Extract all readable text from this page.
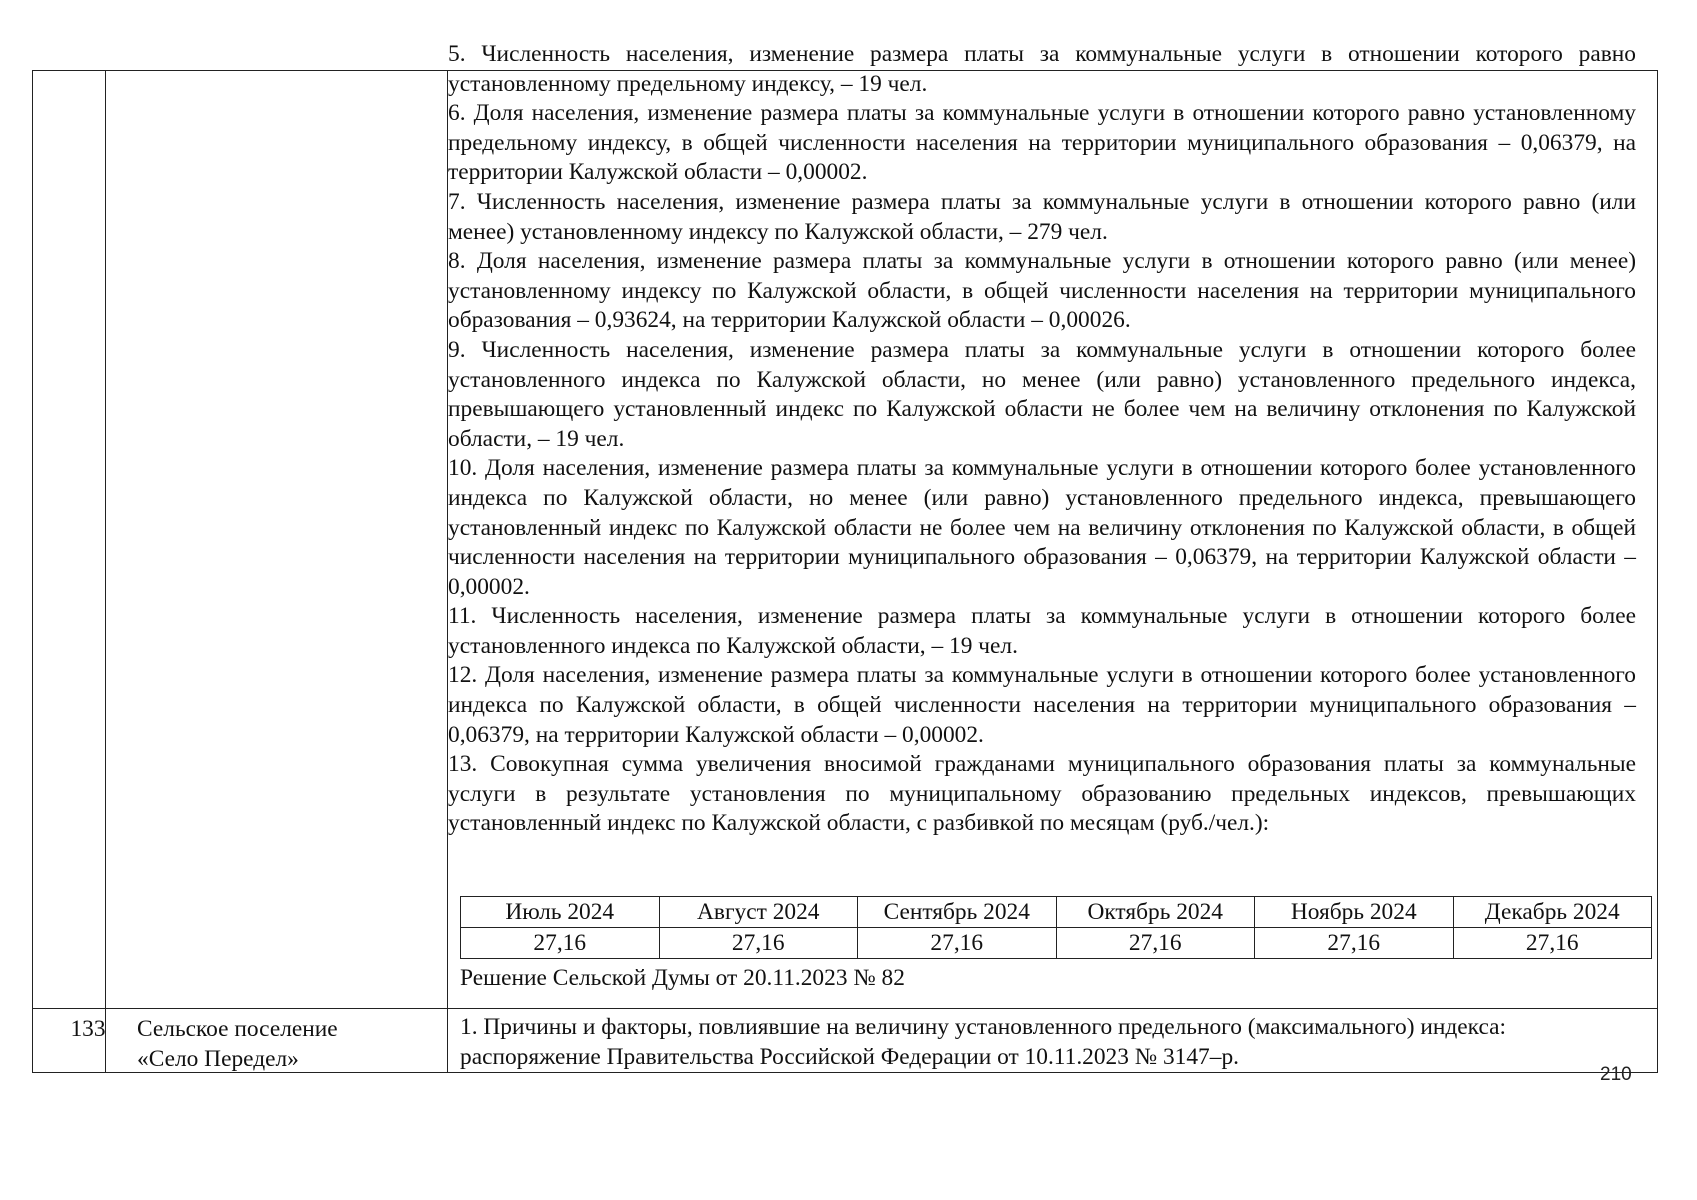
5. Численность населения, изменение размера платы за коммунальные услуги в отношении которого равно установленному предельному индексу, – 19 чел.

6. Доля населения, изменение размера платы за коммунальные услуги в отношении которого равно установленному предельному индексу, в общей численности населения на территории муниципального образования – 0,06379, на территории Калужской области – 0,00002.

7. Численность населения, изменение размера платы за коммунальные услуги в отношении которого равно (или менее) установленному индексу по Калужской области, – 279 чел.

8. Доля населения, изменение размера платы за коммунальные услуги в отношении которого равно (или менее) установленному индексу по Калужской области, в общей численности населения на территории муниципального образования – 0,93624, на территории Калужской области – 0,00026.

9. Численность населения, изменение размера платы за коммунальные услуги в отношении которого более установленного индекса по Калужской области, но менее (или равно) установленного предельного индекса, превышающего установленный индекс по Калужской области не более чем на величину отклонения по Калужской области, – 19 чел.

10. Доля населения, изменение размера платы за коммунальные услуги в отношении которого более установленного индекса по Калужской области, но менее (или равно) установленного предельного индекса, превышающего установленный индекс по Калужской области не более чем на величину отклонения по Калужской области, в общей численности населения на территории муниципального образования – 0,06379, на территории Калужской области – 0,00002.

11. Численность населения, изменение размера платы за коммунальные услуги в отношении которого более установленного индекса по Калужской области, – 19 чел.

12. Доля населения, изменение размера платы за коммунальные услуги в отношении которого более установленного индекса по Калужской области, в общей численности населения на территории муниципального образования – 0,06379, на территории Калужской области – 0,00002.

13. Совокупная сумма увеличения вносимой гражданами муниципального образования платы за коммунальные услуги в результате установления по муниципальному образованию предельных индексов, превышающих установленный индекс по Калужской области, с разбивкой по месяцам (руб./чел.):

Июль 2024	Август 2024	Сентябрь 2024	Октябрь 2024	Ноябрь 2024	Декабрь 2024
27,16	27,16	27,16	27,16	27,16	27,16
Решение Сельской Думы от 20.11.2023 № 82
133	Сельское поселение
«Село Передел»
1. Причины и факторы, повлиявшие на величину установленного предельного (максимального) индекса:
распоряжение Правительства Российской Федерации от 10.11.2023 № 3147–р.
210
